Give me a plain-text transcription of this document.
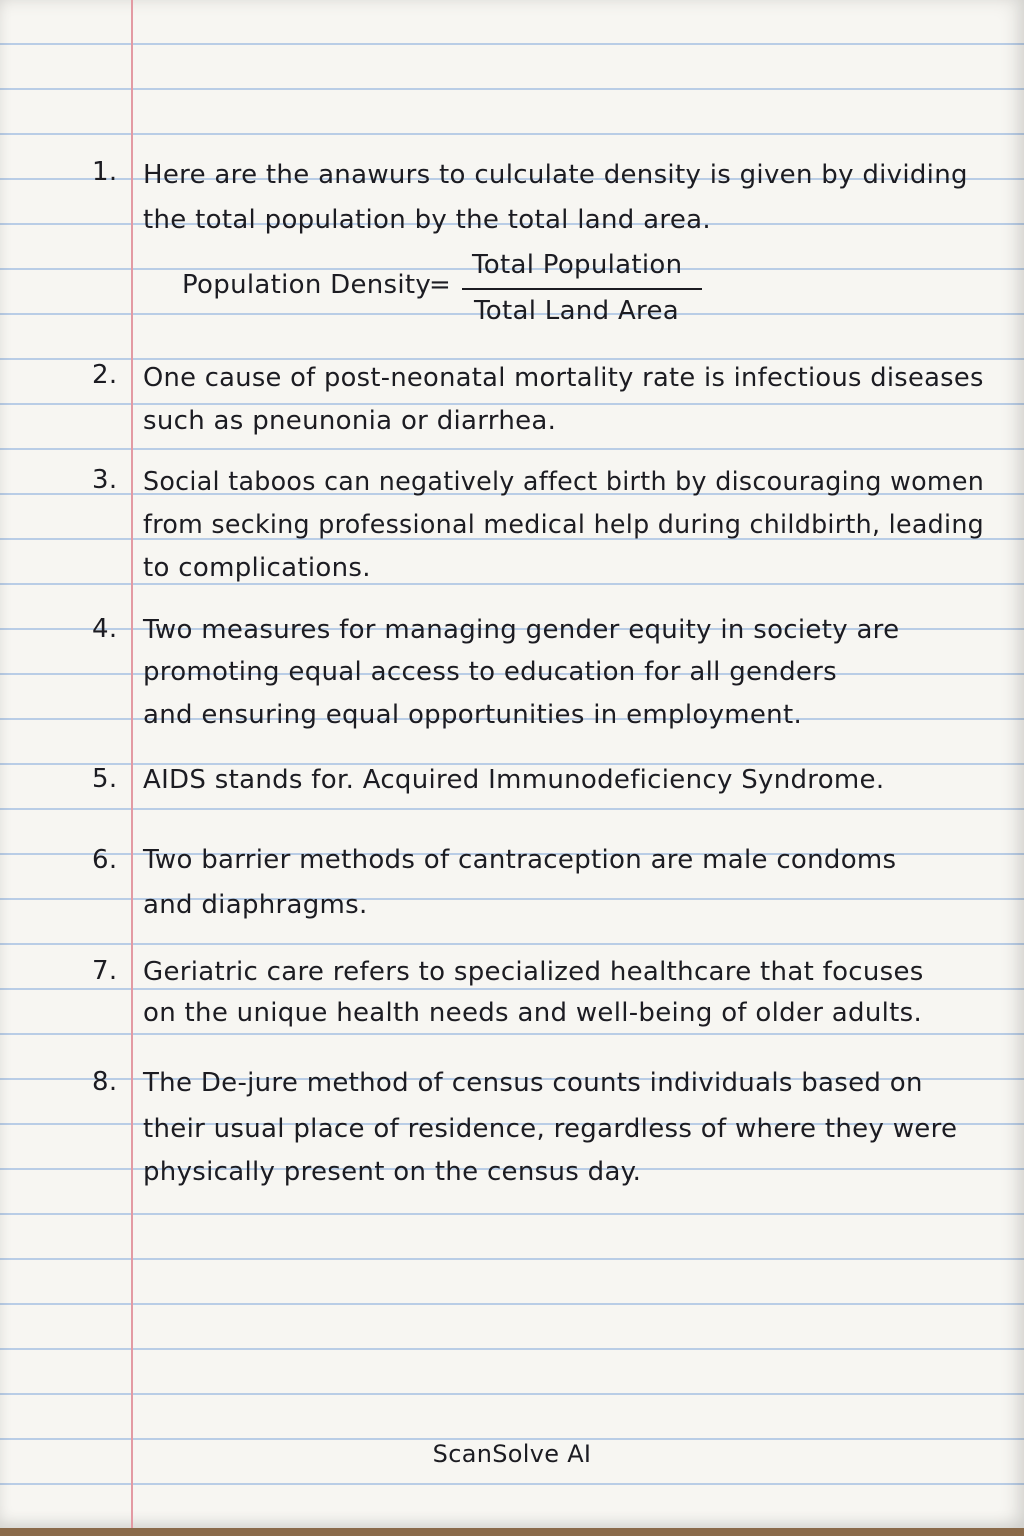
1. Here are the anawurs to culculate density is given by dividing
the total population by the total land area.
Population Density
=
Total Population
Total Land Area
2. One cause of post-neonatal mortality rate is infectious diseases
such as pneunonia or diarrhea.
3. Social taboos can negatively affect birth by discouraging women
from secking professional medical help during childbirth, leading
to complications.
4. Two measures for managing gender equity in society are
promoting equal access to education for all genders
and ensuring equal opportunities in employment.
5. AIDS stands for. Acquired Immunodeficiency Syndrome.
6. Two barrier methods of cantraception are male condoms
and diaphragms.
7. Geriatric care refers to specialized healthcare that focuses
on the unique health needs and well-being of older adults.
8. The De-jure method of census counts individuals based on
their usual place of residence, regardless of where they were
physically present on the census day.
ScanSolve AI
